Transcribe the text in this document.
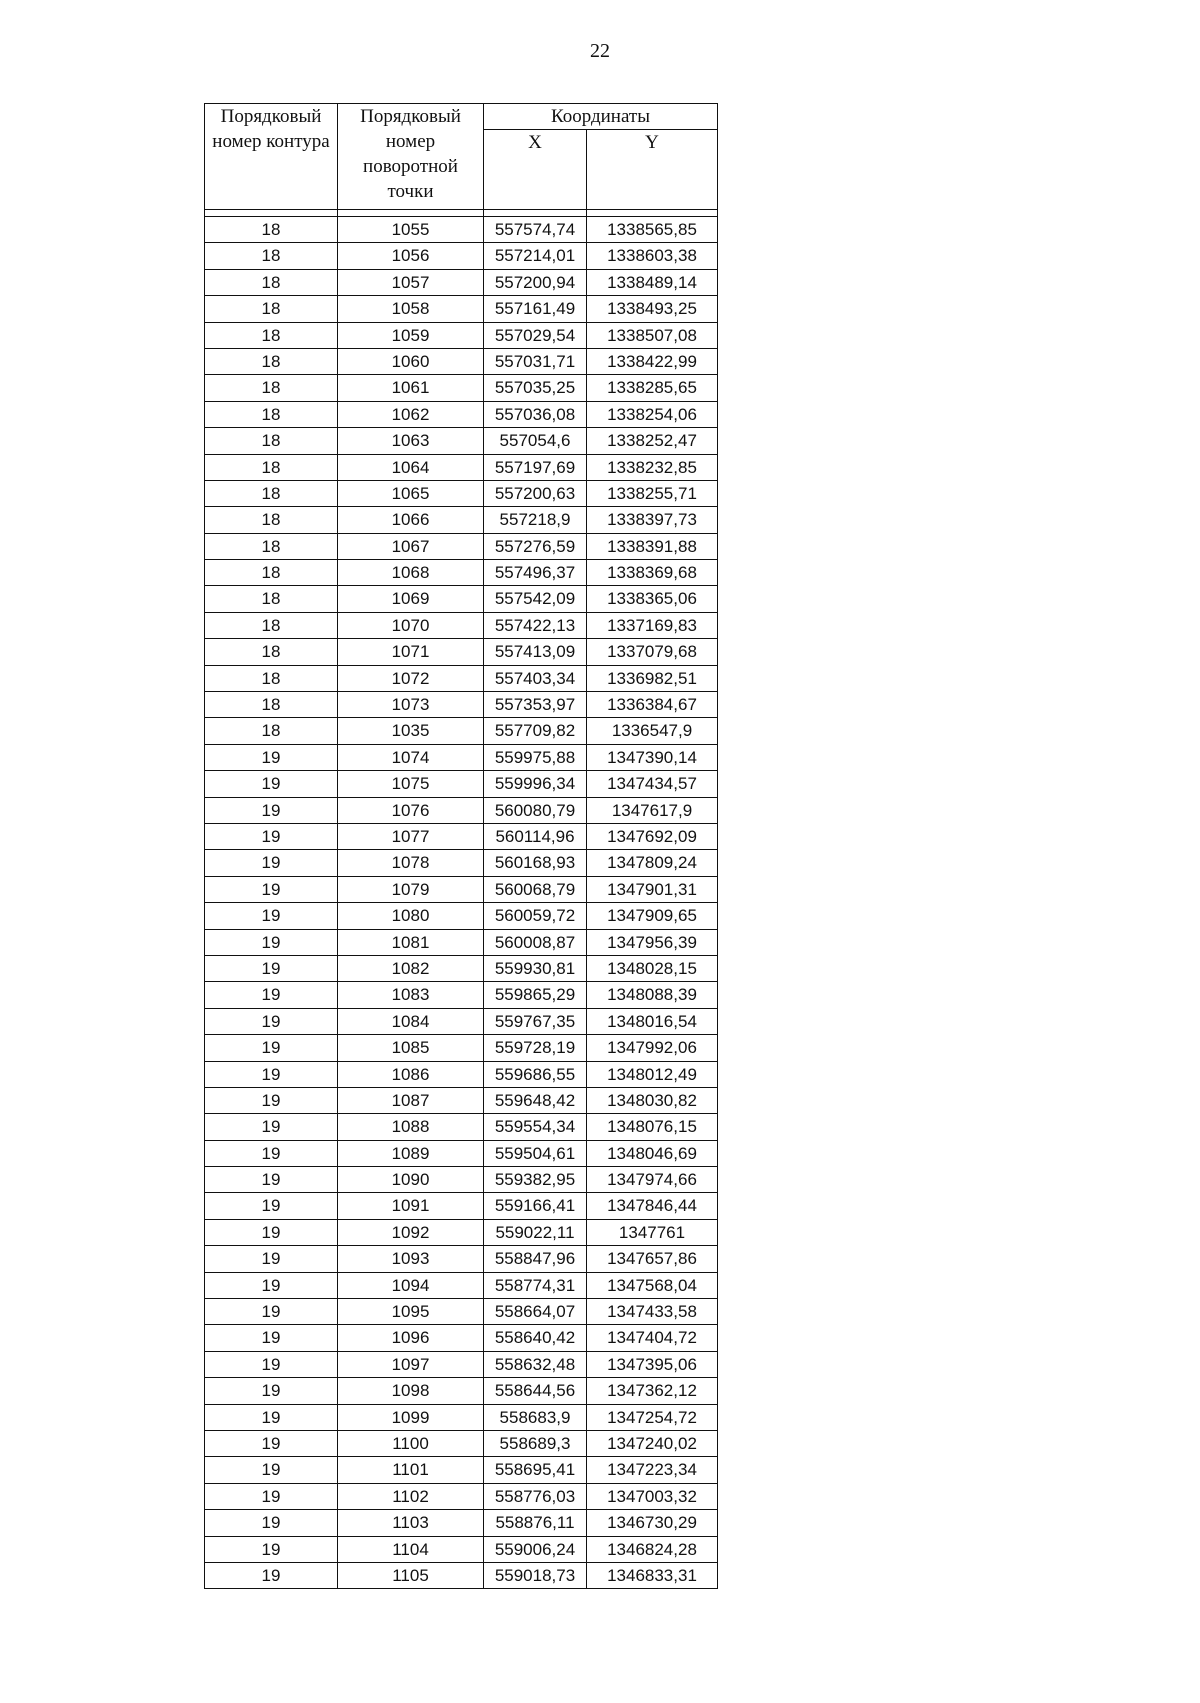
22
Порядковый номер контура	Порядковый номер поворотной точки	Координаты	
		X	Y

18	1055	557574,74	1338565,85
18	1056	557214,01	1338603,38
18	1057	557200,94	1338489,14
18	1058	557161,49	1338493,25
18	1059	557029,54	1338507,08
18	1060	557031,71	1338422,99
18	1061	557035,25	1338285,65
18	1062	557036,08	1338254,06
18	1063	557054,6	1338252,47
18	1064	557197,69	1338232,85
18	1065	557200,63	1338255,71
18	1066	557218,9	1338397,73
18	1067	557276,59	1338391,88
18	1068	557496,37	1338369,68
18	1069	557542,09	1338365,06
18	1070	557422,13	1337169,83
18	1071	557413,09	1337079,68
18	1072	557403,34	1336982,51
18	1073	557353,97	1336384,67
18	1035	557709,82	1336547,9
19	1074	559975,88	1347390,14
19	1075	559996,34	1347434,57
19	1076	560080,79	1347617,9
19	1077	560114,96	1347692,09
19	1078	560168,93	1347809,24
19	1079	560068,79	1347901,31
19	1080	560059,72	1347909,65
19	1081	560008,87	1347956,39
19	1082	559930,81	1348028,15
19	1083	559865,29	1348088,39
19	1084	559767,35	1348016,54
19	1085	559728,19	1347992,06
19	1086	559686,55	1348012,49
19	1087	559648,42	1348030,82
19	1088	559554,34	1348076,15
19	1089	559504,61	1348046,69
19	1090	559382,95	1347974,66
19	1091	559166,41	1347846,44
19	1092	559022,11	1347761
19	1093	558847,96	1347657,86
19	1094	558774,31	1347568,04
19	1095	558664,07	1347433,58
19	1096	558640,42	1347404,72
19	1097	558632,48	1347395,06
19	1098	558644,56	1347362,12
19	1099	558683,9	1347254,72
19	1100	558689,3	1347240,02
19	1101	558695,41	1347223,34
19	1102	558776,03	1347003,32
19	1103	558876,11	1346730,29
19	1104	559006,24	1346824,28
19	1105	559018,73	1346833,31
